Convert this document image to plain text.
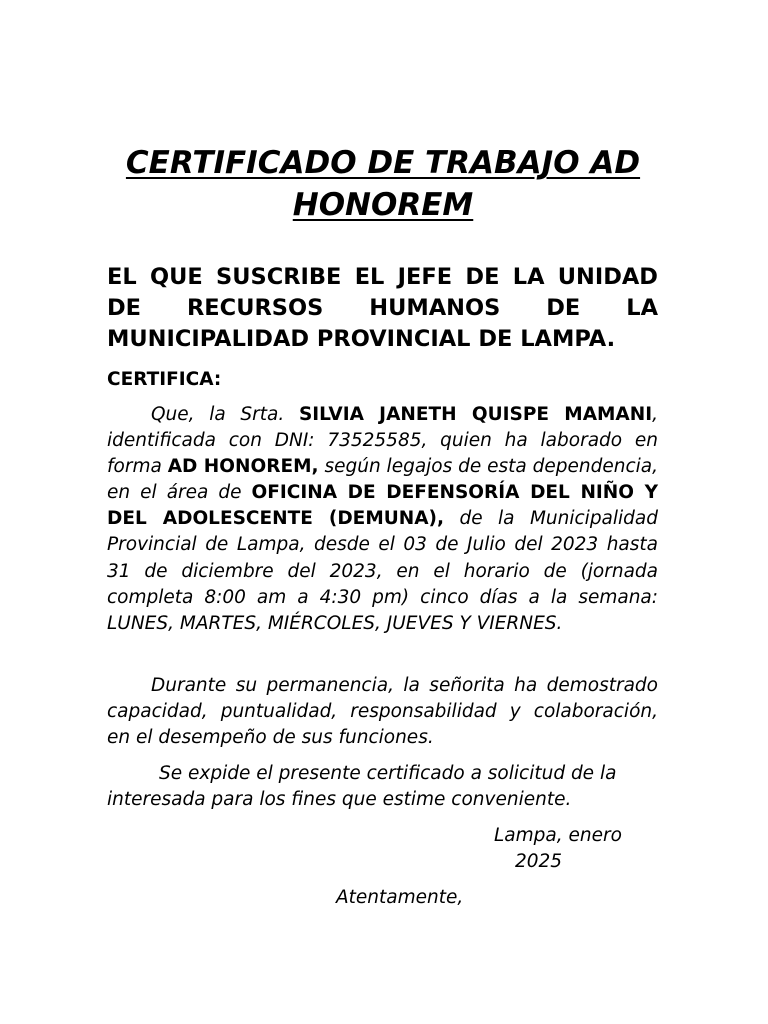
CERTIFICADO DE TRABAJO AD HONOREM

EL QUE SUSCRIBE EL JEFE DE LA UNIDAD DE RECURSOS HUMANOS DE LA MUNICIPALIDAD PROVINCIAL DE LAMPA.

CERTIFICA:

Que, la Srta. SILVIA JANETH QUISPE MAMANI, identificada con DNI: 73525585, quien ha laborado en forma AD HONOREM, según legajos de esta dependencia, en el área de OFICINA DE DEFENSORÍA DEL NIÑO Y DEL ADOLESCENTE (DEMUNA), de la Municipalidad Provincial de Lampa, desde el 03 de Julio del 2023 hasta 31 de diciembre del 2023, en el horario de (jornada completa 8:00 am a 4:30 pm) cinco días a la semana: LUNES, MARTES, MIÉRCOLES, JUEVES Y VIERNES.

Durante su permanencia, la señorita ha demostrado capacidad, puntualidad, responsabilidad y colaboración, en el desempeño de sus funciones.

Se expide el presente certificado a solicitud de la interesada para los fines que estime conveniente.

Lampa, enero

2025

Atentamente,
